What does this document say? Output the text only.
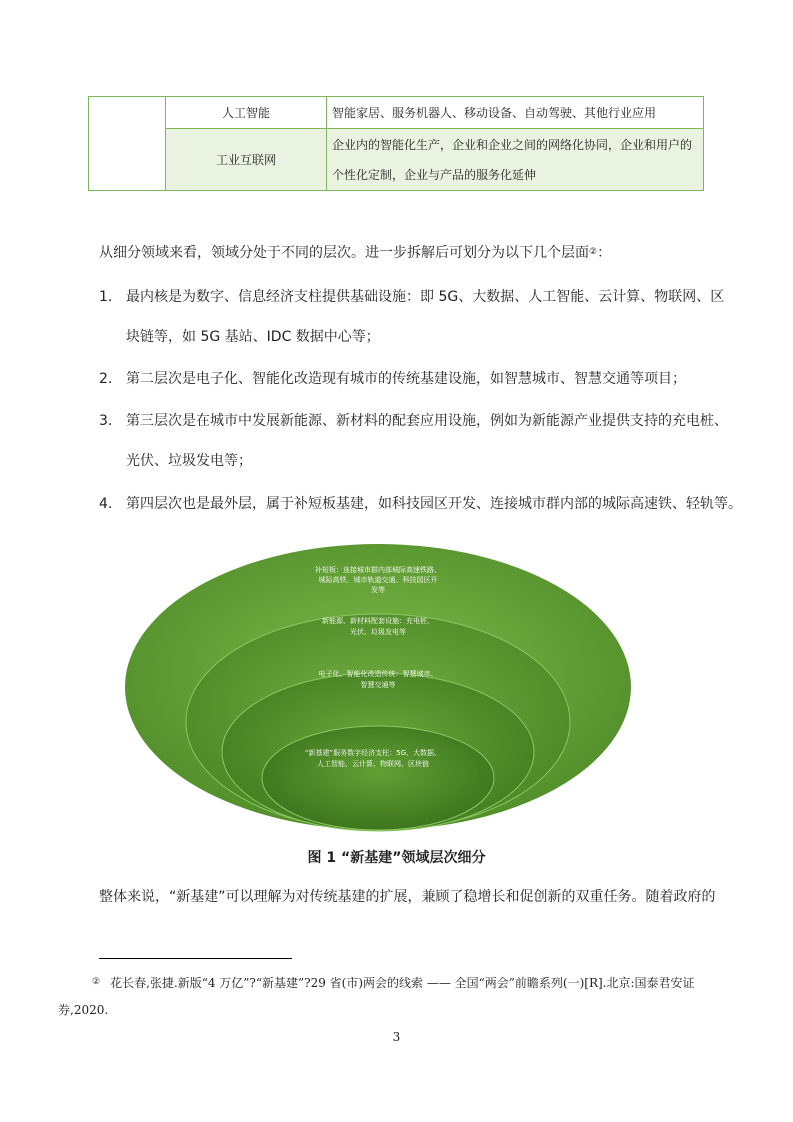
人工智能	智能家居、服务机器人、移动设备、自动驾驶、其他行业应用
工业互联网
企业内的智能化生产，企业和企业之间的网络化协同，企业和用户的
个性化定制，企业与产品的服务化延伸
从细分领域来看，领域分处于不同的层次。进一步拆解后可划分为以下几个层面②：
1. 最内核是为数字、信息经济支柱提供基础设施：即 5G、大数据、人工智能、云计算、物联网、区
块链等，如 5G 基站、IDC 数据中心等；
2. 第二层次是电子化、智能化改造现有城市的传统基建设施，如智慧城市、智慧交通等项目；
3. 第三层次是在城市中发展新能源、新材料的配套应用设施，例如为新能源产业提供支持的充电桩、
光伏、垃圾发电等；
4. 第四层次也是最外层，属于补短板基建，如科技园区开发、连接城市群内部的城际高速铁、轻轨等。
补短板：连接城市群内部城际高速铁路、
城际高铁、城市轨道交通、科技园区开
发等
新能源、新材料配套设施：充电桩、
光伏、垃圾发电等
电子化、智能化改造传统：智慧城市、
智慧交通等
“新基建”服务数字经济支柱：5G、大数据、
人工智能、云计算、物联网、区块链
图 1 “新基建”领域层次细分
整体来说，“新基建”可以理解为对传统基建的扩展，兼顾了稳增长和促创新的双重任务。随着政府的
② 花长春,张捷.新版“4 万亿”?“新基建”?29 省(市)两会的线索 —— 全国“两会”前瞻系列(一)[R].北京:国泰君安证
券,2020.
3
